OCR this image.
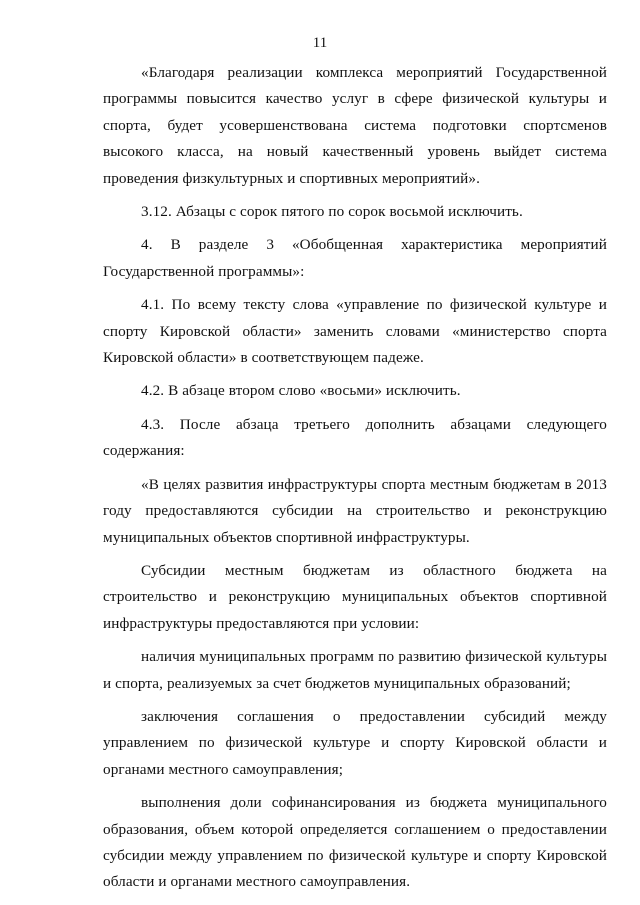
11

«Благодаря реализации комплекса мероприятий Государственной программы повысится качество услуг в сфере физической культуры и спорта, будет усовершенствована система подготовки спортсменов высокого класса, на новый качественный уровень выйдет система проведения физкультурных и спортивных мероприятий».

3.12. Абзацы с сорок пятого по сорок восьмой исключить.

4. В разделе 3 «Обобщенная характеристика мероприятий Государственной программы»:

4.1. По всему тексту слова «управление по физической культуре и спорту Кировской области» заменить словами «министерство спорта Кировской области» в соответствующем падеже.

4.2. В абзаце втором слово «восьми» исключить.

4.3. После абзаца третьего дополнить абзацами следующего содержания:

«В целях развития инфраструктуры спорта местным бюджетам в 2013 году предоставляются субсидии на строительство и реконструкцию муниципальных объектов спортивной инфраструктуры.

Субсидии местным бюджетам из областного бюджета на строительство и реконструкцию муниципальных объектов спортивной инфраструктуры предоставляются при условии:

наличия муниципальных программ по развитию физической культуры и спорта, реализуемых за счет бюджетов муниципальных образований;

заключения соглашения о предоставлении субсидий между управлением по физической культуре и спорту Кировской области и органами местного самоуправления;

выполнения доли софинансирования из бюджета муниципального образования, объем которой определяется соглашением о предоставлении субсидии между управлением по физической культуре и спорту Кировской области и органами местного самоуправления.
